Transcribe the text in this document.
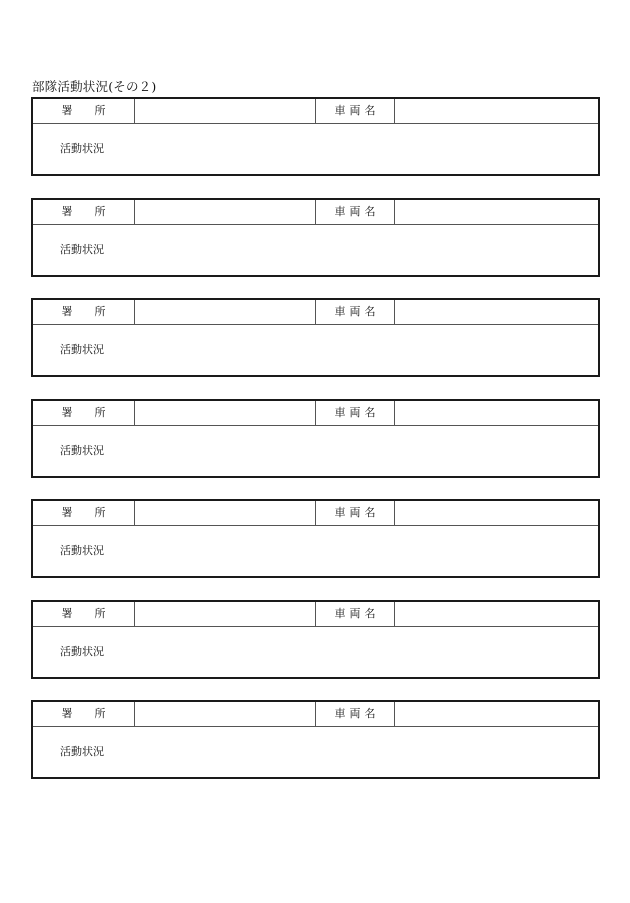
部隊活動状況(その２)
署 所	車両名
活動状況
署 所	車両名
活動状況
署 所	車両名
活動状況
署 所	車両名
活動状況
署 所	車両名
活動状況
署 所	車両名
活動状況
署 所	車両名
活動状況
